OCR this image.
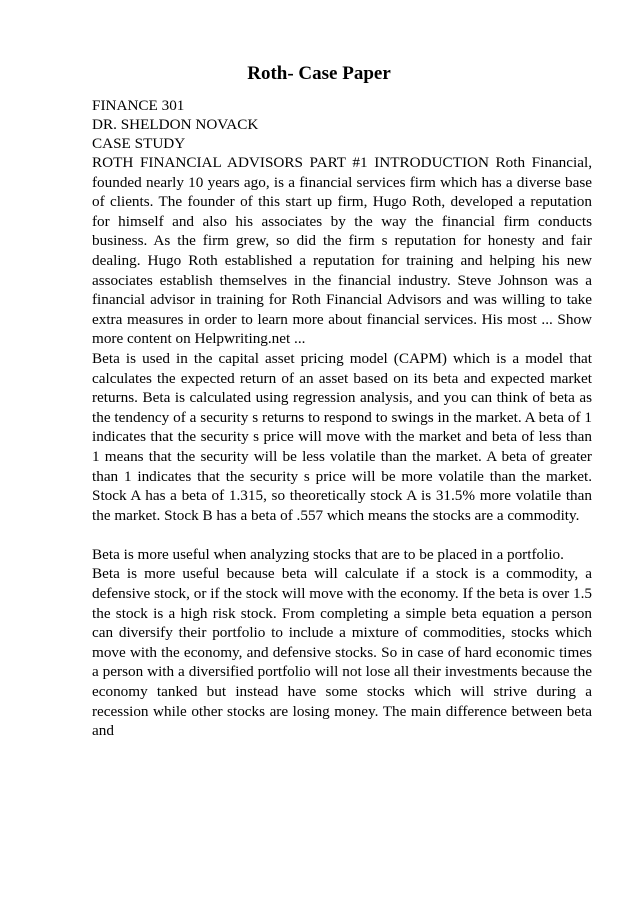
Roth- Case Paper
FINANCE 301
DR. SHELDON NOVACK
CASE STUDY

ROTH FINANCIAL ADVISORS PART #1 INTRODUCTION Roth Financial, founded nearly 10 years ago, is a financial services firm which has a diverse base of clients. The founder of this start up firm, Hugo Roth, developed a reputation for himself and also his associates by the way the financial firm conducts business. As the firm grew, so did the firm s reputation for honesty and fair dealing. Hugo Roth established a reputation for training and helping his new associates establish themselves in the financial industry. Steve Johnson was a financial advisor in training for Roth Financial Advisors and was willing to take extra measures in order to learn more about financial services. His most ... Show more content on Helpwriting.net ...

Beta is used in the capital asset pricing model (CAPM) which is a model that calculates the expected return of an asset based on its beta and expected market returns. Beta is calculated using regression analysis, and you can think of beta as the tendency of a security s returns to respond to swings in the market. A beta of 1 indicates that the security s price will move with the market and beta of less than 1 means that the security will be less volatile than the market. A beta of greater than 1 indicates that the security s price will be more volatile than the market. Stock A has a beta of 1.315, so theoretically stock A is 31.5% more volatile than the market. Stock B has a beta of .557 which means the stocks are a commodity.

Beta is more useful when analyzing stocks that are to be placed in a portfolio.

Beta is more useful because beta will calculate if a stock is a commodity, a defensive stock, or if the stock will move with the economy. If the beta is over 1.5 the stock is a high risk stock. From completing a simple beta equation a person can diversify their portfolio to include a mixture of commodities, stocks which move with the economy, and defensive stocks. So in case of hard economic times a person with a diversified portfolio will not lose all their investments because the economy tanked but instead have some stocks which will strive during a recession while other stocks are losing money. The main difference between beta and
